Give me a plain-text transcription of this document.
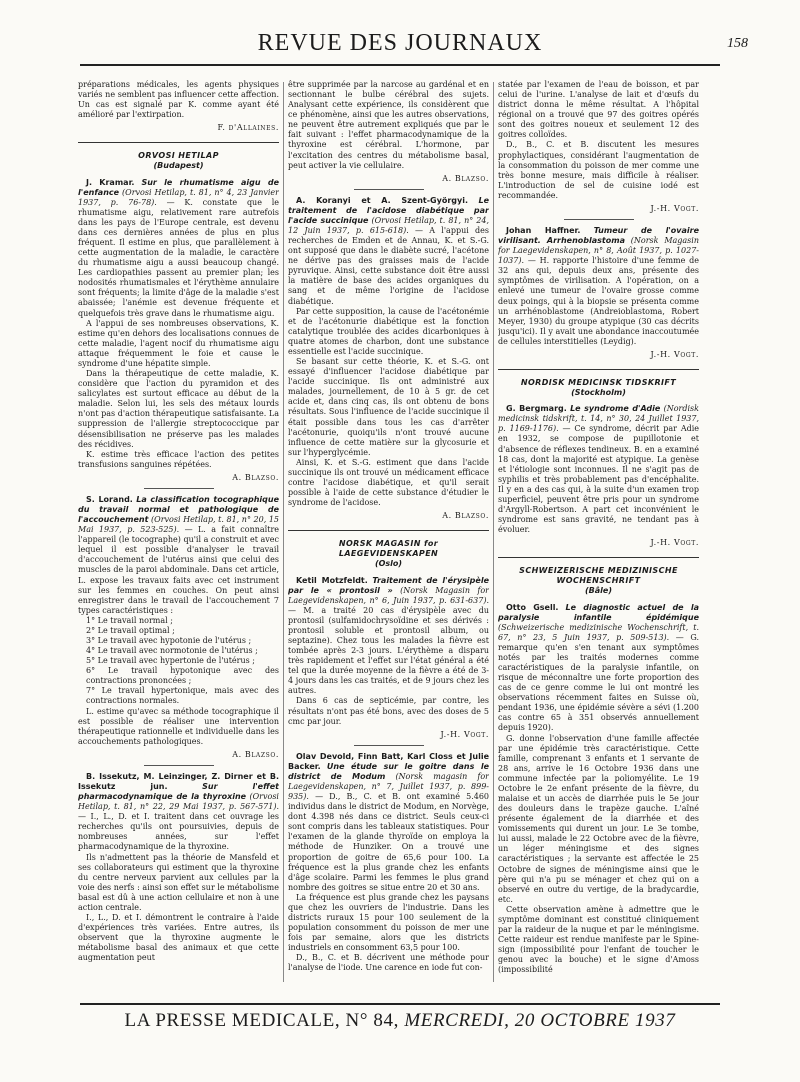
REVUE DES JOURNAUX	158

préparations médicales, les agents physiques variés ne semblent pas influencer cette affection. Un cas est signalé par K. comme ayant été amélioré par l'extirpation.

F. d'Allaines.
ORVOSI HETILAP
(Budapest)

J. Kramar. Sur le rhumatisme aigu de l'enfance (Orvosi Hetilap, t. 81, n° 4, 23 Janvier 1937, p. 76-78). — K. constate que le rhumatisme aigu, relativement rare autrefois dans les pays de l'Europe centrale, est devenu dans ces dernières années de plus en plus fréquent. Il estime en plus, que parallèlement à cette augmentation de la maladie, le caractère du rhumatisme aigu a aussi beaucoup changé. Les cardiopathies passent au premier plan; les nodosités rhumatismales et l'érythème annulaire sont fréquents; la limite d'âge de la maladie s'est abaissée; l'anémie est devenue fréquente et quelquefois très grave dans le rhumatisme aigu.

A l'appui de ses nombreuses observations, K. estime qu'en dehors des localisations connues de cette maladie, l'agent nocif du rhumatisme aigu attaque fréquemment le foie et cause le syndrome d'une hépatite simple.

Dans la thérapeutique de cette maladie, K. considère que l'action du pyramidon et des salicylates est surtout efficace au début de la maladie. Selon lui, les sels des métaux lourds n'ont pas d'action thérapeutique satisfaisante. La suppression de l'allergie streptococcique par désensibilisation ne préserve pas les malades des récidives.

K. estime très efficace l'action des petites transfusions sanguines répétées.

A. Blazso.

S. Lorand. La classification tocographique du travail normal et pathologique de l'accouchement (Orvosi Hetilap, t. 81, n° 20, 15 Mai 1937, p. 523-525). — L. a fait connaître l'appareil (le tocographe) qu'il a construit et avec lequel il est possible d'analyser le travail d'accouchement de l'utérus ainsi que celui des muscles de la paroi abdominale. Dans cet article, L. expose les travaux faits avec cet instrument sur les femmes en couches. On peut ainsi enregistrer dans le travail de l'accouchement 7 types caractéristiques :

1° Le travail normal ;

2° Le travail optimal ;

3° Le travail avec hypotonie de l'utérus ;

4° Le travail avec normotonie de l'utérus ;

5° Le travail avec hypertonie de l'utérus ;

6° Le travail hypotonique avec des contractions prononcées ;

7° Le travail hypertonique, mais avec des contractions normales.

L. estime qu'avec sa méthode tocographique il est possible de réaliser une intervention thérapeutique rationnelle et individuelle dans les accouchements pathologiques.

A. Blazso.

B. Issekutz, M. Leinzinger, Z. Dirner et B. Issekutz jun.	Sur l'effet pharmacodynamique de la thyroxine (Orvosi Hetilap, t. 81, n° 22, 29 Mai 1937, p. 567-571). — I., L., D. et I. traitent dans cet ouvrage les recherches qu'ils ont poursuivies, depuis de nombreuses années, sur l'effet pharmacodynamique de la thyroxine.

Ils n'admettent pas la théorie de Mansfeld et ses collaborateurs qui estiment que la thyroxine du centre nerveux parvient aux cellules par la voie des nerfs : ainsi son effet sur le métabolisme basal est dû à une action cellulaire et non à une action centrale.

I., L., D. et I. démontrent le contraire à l'aide d'expériences très variées. Entre autres, ils observent que la thyroxine augmente le métabolisme basal des animaux et que cette augmentation peut

être supprimée par la narcose au gardénal et en sectionnant le bulbe cérébral des sujets. Analysant cette expérience, ils considèrent que ce phénomène, ainsi que les autres observations, ne peuvent être autrement expliqués que par le fait suivant : l'effet pharmacodynamique de la thyroxine est cérébral. L'hormone, par l'excitation des centres du métabolisme basal, peut activer la vie cellulaire.

A. Blazso.

A. Koranyi et A. Szent-Györgyi. Le traitement de l'acidose diabétique par l'acide succinique (Orvosi Hetilap, t. 81, n° 24, 12 Juin 1937, p. 615-618). — A l'appui des recherches de Emden et de Annau, K. et S.-G. ont supposé que dans le diabète sucré, l'acétone ne dérive pas des graisses mais de l'acide pyruvique. Ainsi, cette substance doit être aussi la matière de base des acides organiques du sang et de même l'origine de l'acidose diabétique.

Par cette supposition, la cause de l'acétonémie et de l'acétonurie diabétique est la fonction catalytique troublée des acides dicarboniques à quatre atomes de charbon, dont une substance essentielle est l'acide succinique.

Se basant sur cette théorie, K. et S.-G. ont essayé d'influencer l'acidose diabétique par l'acide succinique. Ils ont administré aux malades, journellement, de 10 à 5 gr. de cet acide et, dans cinq cas, ils ont obtenu de bons résultats. Sous l'influence de l'acide succinique il était possible dans tous les cas d'arrêter l'acétonurie, quoiqu'ils n'ont trouvé aucune influence de cette matière sur la glycosurie et sur l'hyperglycémie.

Ainsi, K. et S.-G. estiment que dans l'acide succinique ils ont trouvé un médicament efficace contre l'acidose diabétique, et qu'il serait possible à l'aide de cette substance d'étudier le syndrome de l'acidose.

A. Blazso.
NORSK MAGASIN for LAEGEVIDENSKAPEN
(Oslo)

Ketil Motzfeldt. Traitement de l'érysipèle par le « prontosil » (Norsk Magasin for Laegevidenskapen, n° 6, Juin 1937, p. 631-637). — M. a traité 20 cas d'érysipèle avec du prontosil (sulfamidochrysoïdine et ses dérivés : prontosil soluble et prontosil album, ou septazine). Chez tous les malades la fièvre est tombée après 2-3 jours. L'érythème a disparu très rapidement et l'effet sur l'état général a été tel que la durée moyenne de la fièvre a été de 3-4 jours dans les cas traités, et de 9 jours chez les autres.

Dans 6 cas de septicémie, par contre, les résultats n'ont pas été bons, avec des doses de 5 cmc par jour.

J.-H. Vogt.

Olav Devold, Finn Batt, Karl Closs et Julie Backer. Une étude sur le goitre dans le district de Modum (Norsk magasin for Laegevidenskapen, n° 7, Juillet 1937, p. 899-935). — D., B., C. et B. ont examiné 5.460 individus dans le district de Modum, en Norvège, dont 4.398 nés dans ce district. Seuls ceux-ci sont compris dans les tableaux statistiques. Pour l'examen de la glande thyroïde on employa la méthode de Hunziker. On a trouvé une proportion de goitre de 65,6 pour 100. La fréquence est la plus grande chez les enfants d'âge scolaire. Parmi les femmes le plus grand nombre des goitres se situe entre 20 et 30 ans.

La fréquence est plus grande chez les paysans que chez les ouvriers de l'industrie. Dans les districts ruraux 15 pour 100 seulement de la population consomment du poisson de mer une fois par semaine, alors que les districts industriels en consomment 63,5 pour 100.

D., B., C. et B. décrivent une méthode pour l'analyse de l'iode. Une carence en iode fut con-

statée par l'examen de l'eau de boisson, et par celui de l'urine. L'analyse de lait et d'œufs du district donna le même résultat. A l'hôpital régional on a trouvé que 97 des goitres opérés sont des goitres noueux et seulement 12 des goitres colloïdes.

D., B., C. et B. discutent les mesures prophylactiques, considérant l'augmentation de la consommation du poisson de mer comme une très bonne mesure, mais difficile à réaliser. L'introduction de sel de cuisine iodé est recommandée.

J.-H. Vogt.

Johan Haffner. Tumeur de l'ovaire virilisant. Arrhenoblastoma (Norsk Magasin for Laegevidenskapen, n° 8, Août 1937, p. 1027-1037). — H. rapporte l'histoire d'une femme de 32 ans qui, depuis deux ans, présente des symptômes de virilisation. A l'opération, on a enlevé une tumeur de l'ovaire grosse comme deux poings, qui à la biopsie se présenta comme un arrhénoblastome (Andreioblastoma, Robert Meyer, 1930) du groupe atypique (30 cas décrits jusqu'ici). Il y avait une abondance inaccoutumée de cellules interstitielles (Leydig).

J.-H. Vogt.
NORDISK MEDICINSK TIDSKRIFT
(Stockholm)

G. Bergmarg. Le syndrome d'Adie (Nordisk medicinsk tidskrift, t. 14, n° 30, 24 Juillet 1937, p. 1169-1176). — Ce syndrome, décrit par Adie en 1932, se compose de pupillotonie et d'absence de réflexes tendineux. B. en a examiné 18 cas, dont la majorité est atypique. La genèse et l'étiologie sont inconnues. Il ne s'agit pas de syphilis et très probablement pas d'encéphalite. Il y en a des cas qui, à la suite d'un examen trop superficiel, peuvent être pris pour un syndrome d'Argyll-Robertson. A part cet inconvénient le syndrome est sans gravité, ne tendant pas à évoluer.

J.-H. Vogt.
SCHWEIZERISCHE MEDIZINISCHE WOCHENSCHRIFT
(Bâle)

Otto Gsell. Le diagnostic actuel de la paralysie infantile épidémique (Schweizerische medizinische Wochenschrift, t. 67, n° 23, 5 Juin 1937, p. 509-513). — G. remarque qu'en s'en tenant aux symptômes notés par les traités modernes comme caractéristiques de la paralysie infantile, on risque de méconnaître une forte proportion des cas de ce genre comme le lui ont montré les observations récemment faites en Suisse où, pendant 1936, une épidémie sévère a sévi (1.200 cas contre 65 à 351 observés annuellement depuis 1920).

G. donne l'observation d'une famille affectée par une épidémie très caractéristique. Cette famille, comprenant 3 enfants et 1 servante de 28 ans, arrive le 16 Octobre 1936 dans une commune infectée par la poliomyélite. Le 19 Octobre le 2e enfant présente de la fièvre, du malaise et un accès de diarrhée puis le 5e jour des douleurs dans le trapèze gauche. L'aîné présente également de la diarrhée et des vomissements qui durent un jour. Le 3e tombe, lui aussi, malade le 22 Octobre avec de la fièvre, un léger méningisme et des signes caractéristiques ; la servante est affectée le 25 Octobre de signes de méningisme ainsi que le père qui n'a pu se ménager et chez qui on a observé en outre du vertige, de la bradycardie, etc.

Cette observation amène à admettre que le symptôme dominant est constitué cliniquement par la raideur de la nuque et par le méningisme. Cette raideur est rendue manifeste par le Spine-sign (impossibilité pour l'enfant de toucher le genou avec la bouche) et le signe d'Amoss (impossibilité

LA PRESSE MEDICALE, N° 84, MERCREDI, 20 OCTOBRE 1937
